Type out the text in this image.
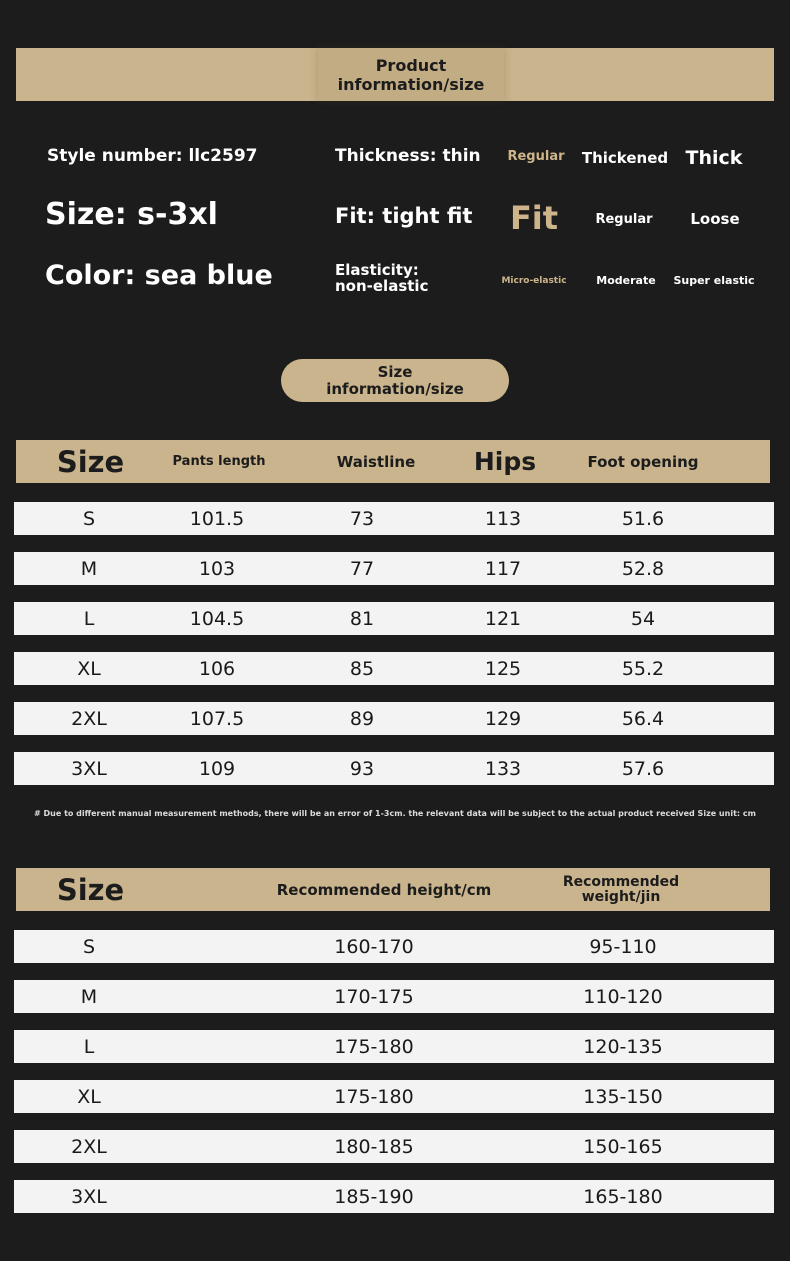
Product
information/size
Style number: llc2597
Size: s-3xl
Color: sea blue
Thickness: thin
Fit: tight fit
Elasticity:
non-elastic
Regular	Thickened Thick
Fit	Regular	Loose
Micro-elastic	Moderate	Super elastic
Size
information/size
Size	Pants length	Waistline	Hips	Foot opening
S	101.5	73	113	51.6
M	103	77	117	52.8
L	104.5	81	121	54
XL	106	85	125	55.2
2XL	107.5	89	129	56.4
3XL	109	93	133	57.6
# Due to different manual measurement methods, there will be an error of 1-3cm. the relevant data will be subject to the actual product received Size unit: cm
Size	Recommended height/cm	Recommended
weight/jin
S	160-170	95-110
M	170-175	110-120
L	175-180	120-135
XL	175-180	135-150
2XL	180-185	150-165
3XL	185-190	165-180
